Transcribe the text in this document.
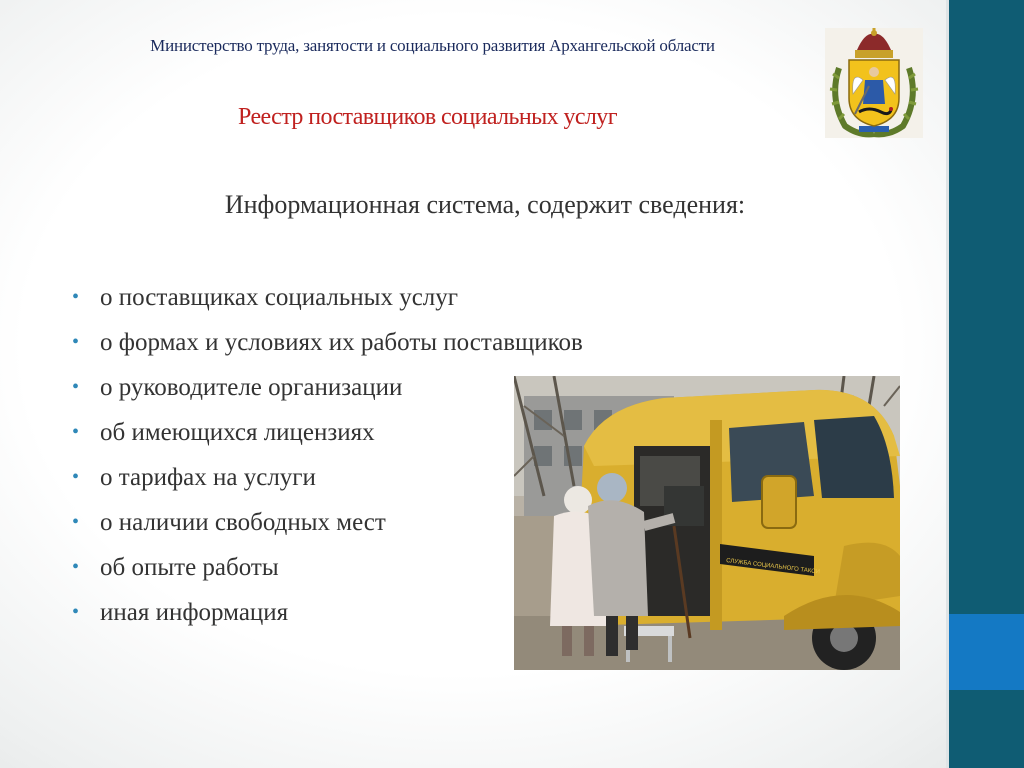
Министерство труда, занятости и социального развития Архангельской области
Реестр поставщиков социальных услуг
Информационная система, содержит сведения:
• о поставщиках социальных услуг
• о формах и условиях их работы поставщиков
• о руководителе организации
• об имеющихся лицензиях
• о тарифах на услуги
• о наличии свободных мест
• об опыте работы
• иная информация
СЛУЖБА СОЦИАЛЬНОГО ТАКСИ
